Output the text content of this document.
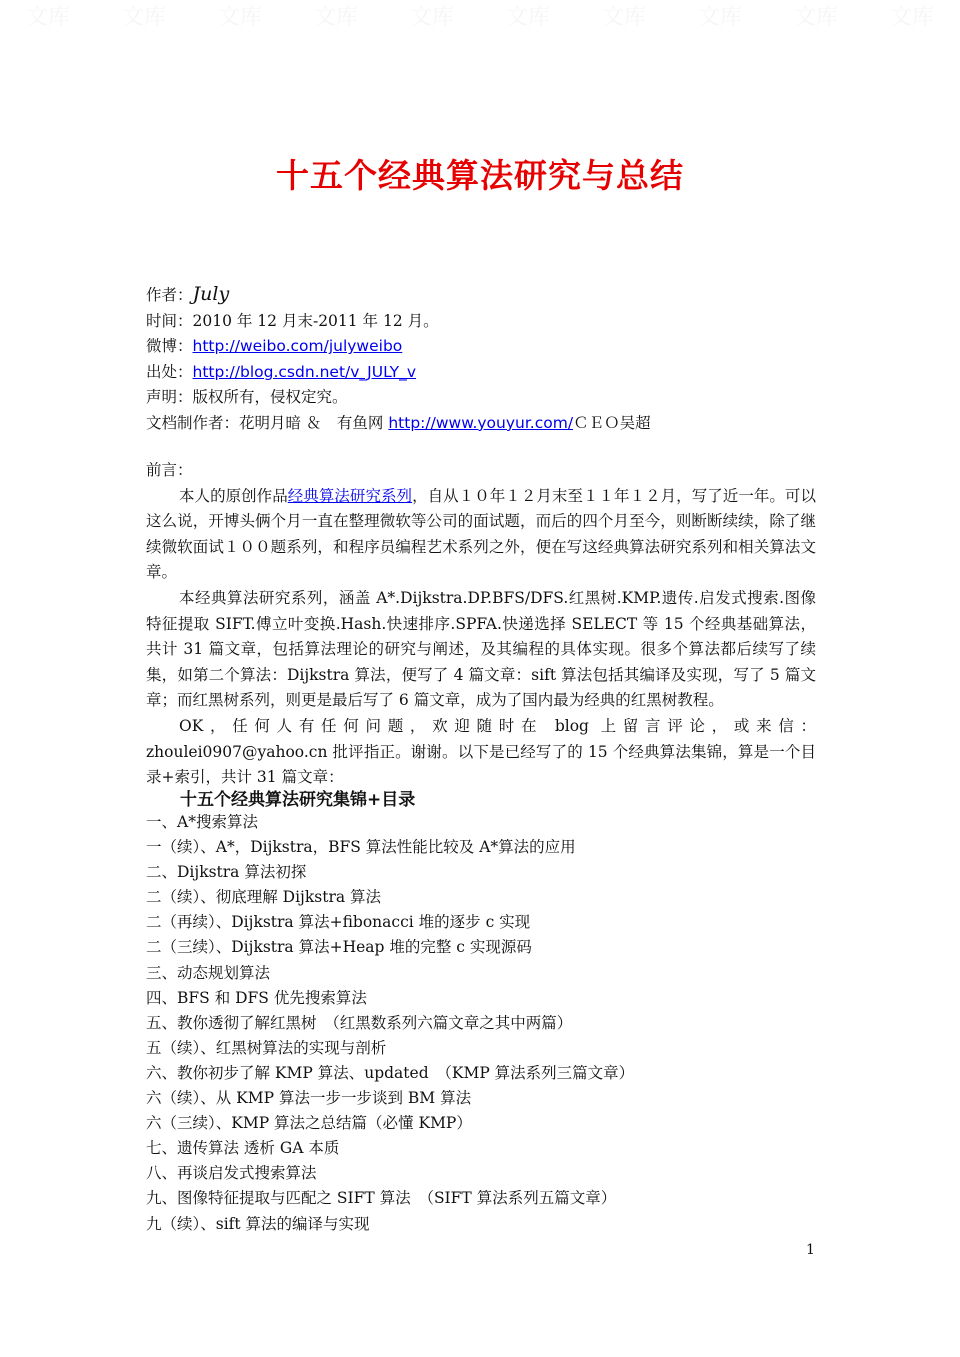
文库 文库 文库 文库 文库 文库 文库 文库 文库 文库
十五个经典算法研究与总结
作者：July
时间：2010 年 12 月末-2011 年 12 月。
微博：http://weibo.com/julyweibo
出处：http://blog.csdn.net/v_JULY_v
声明：版权所有，侵权定究。
文档制作者：花明月暗 ＆　有鱼网 http://www.youyur.com/ＣＥＯ吴超

前言：

本人的原创作品经典算法研究系列，自从１０年１２月末至１１年１２月，写了近一年。可以这么说，开博头俩个月一直在整理微软等公司的面试题，而后的四个月至今，则断断续续，除了继续微软面试１００题系列，和程序员编程艺术系列之外，便在写这经典算法研究系列和相关算法文章。

本经典算法研究系列，涵盖 A*.Dijkstra.DP.BFS/DFS.红黑树.KMP.遗传.启发式搜索.图像特征提取 SIFT.傅立叶变换.Hash.快速排序.SPFA.快递选择 SELECT 等 15 个经典基础算法，共计 31 篇文章，包括算法理论的研究与阐述，及其编程的具体实现。很多个算法都后续写了续集，如第二个算法：Dijkstra 算法，便写了 4 篇文章：sift 算法包括其编译及实现，写了 5 篇文章；而红黑树系列，则更是最后写了 6 篇文章，成为了国内最为经典的红黑树教程。

OK，任何人有任何问题，欢迎随时在 blog 上留言评论，或来信：zhoulei0907@yahoo.cn 批评指正。谢谢。以下是已经写了的 15 个经典算法集锦，算是一个目录+索引，共计 31 篇文章：

十五个经典算法研究集锦+目录
一、A*搜索算法
一（续）、A*，Dijkstra，BFS 算法性能比较及 A*算法的应用
二、Dijkstra 算法初探
二（续）、彻底理解 Dijkstra 算法
二（再续）、Dijkstra 算法+fibonacci 堆的逐步 c 实现
二（三续）、Dijkstra 算法+Heap 堆的完整 c 实现源码
三、动态规划算法
四、BFS 和 DFS 优先搜索算法
五、教你透彻了解红黑树　（红黑数系列六篇文章之其中两篇）
五（续）、红黑树算法的实现与剖析
六、教你初步了解 KMP 算法、updated　（KMP 算法系列三篇文章）
六（续）、从 KMP 算法一步一步谈到 BM 算法
六（三续）、KMP 算法之总结篇（必懂 KMP）
七、遗传算法 透析 GA 本质
八、再谈启发式搜索算法
九、图像特征提取与匹配之 SIFT 算法　（SIFT 算法系列五篇文章）
九（续）、sift 算法的编译与实现
1
